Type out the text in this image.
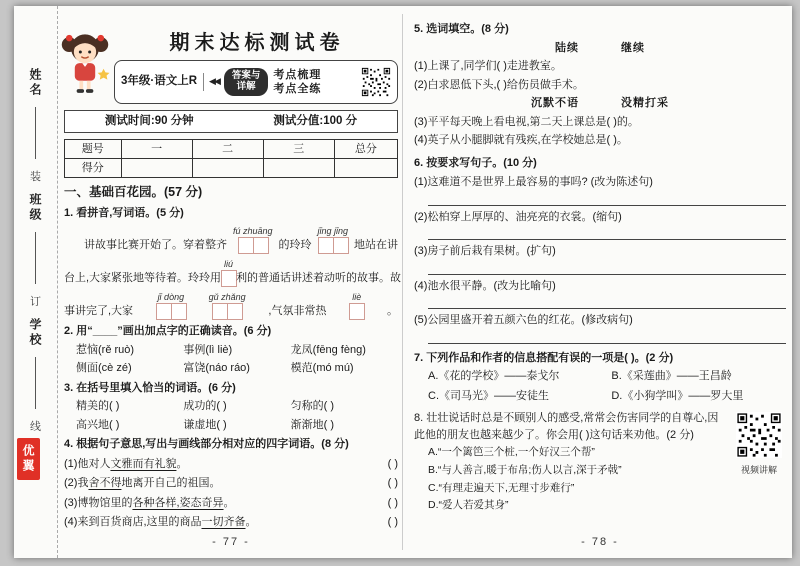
姓名
装
班级
订
学校
线
优翼
期末达标测试卷
3年级·语文上R	◀◀
答案与
详解
考点梳理
考点全练
测试时间:90 分钟	测试分值:100 分
题号	一	二	三	总分
得分				
一、基础百花园。(57 分)
1. 看拼音,写词语。(5 分)
讲故事比赛开始了。穿着整齐
fú zhuāng
的玲玲
jīng jīng
地站在讲
台上,大家紧张地等待着。玲玲用
liú
利的普通话讲述着动听的故事。故
事讲完了,大家
jī dòng	gǔ zhǎng
,气氛非常热
liè
。
2. 用“____”画出加点字的正确读音。(6 分)
惹恼(rě ruò)	事例(lì liè)	龙凤(fēng fèng)
侧面(cè zé)	富饶(náo ráo)	模范(mó mú)
3. 在括号里填入恰当的词语。(6 分)
精美的( )	成功的( )	匀称的( )
高兴地( )	谦虚地( )	渐渐地( )
4. 根据句子意思,写出与画线部分相对应的四字词语。(8 分)
(1)他对人文雅而有礼貌。	( )
(2)我舍不得地离开自己的祖国。	( )
(3)博物馆里的各种各样,姿态奇异。	( )
(4)来到百货商店,这里的商品一切齐备。	( )
- 77 -
5. 选词填空。(8 分)
陆续	继续
(1)上课了,同学们( )走进教室。
(2)白求恩低下头,( )给伤员做手术。
沉默不语	没精打采
(3)平平每天晚上看电视,第二天上课总是( )的。
(4)英子从小腿脚就有残疾,在学校她总是( )。
6. 按要求写句子。(10 分)
(1)这难道不是世界上最容易的事吗? (改为陈述句)
(2)松柏穿上厚厚的、油亮亮的衣裳。(缩句)
(3)房子前后栽有果树。(扩句)
(4)池水很平静。(改为比喻句)
(5)公园里盛开着五颜六色的红花。(修改病句)
7. 下列作品和作者的信息搭配有误的一项是( )。(2 分)
A.《花的学校》——泰戈尔	B.《采莲曲》——王昌龄
C.《司马光》——安徒生	D.《小狗学叫》——罗大里
视频讲解
8. 壮壮说话时总是不顾别人的感受,常常会伤害同学的自尊心,因此他的朋友也越来越少了。你会用( )这句话来劝他。(2 分)
A.“一个篱笆三个桩,一个好汉三个帮”
B.“与人善言,暖于布帛;伤人以言,深于矛戟”
C.“有理走遍天下,无理寸步难行”
D.“爱人若爱其身”
- 78 -
